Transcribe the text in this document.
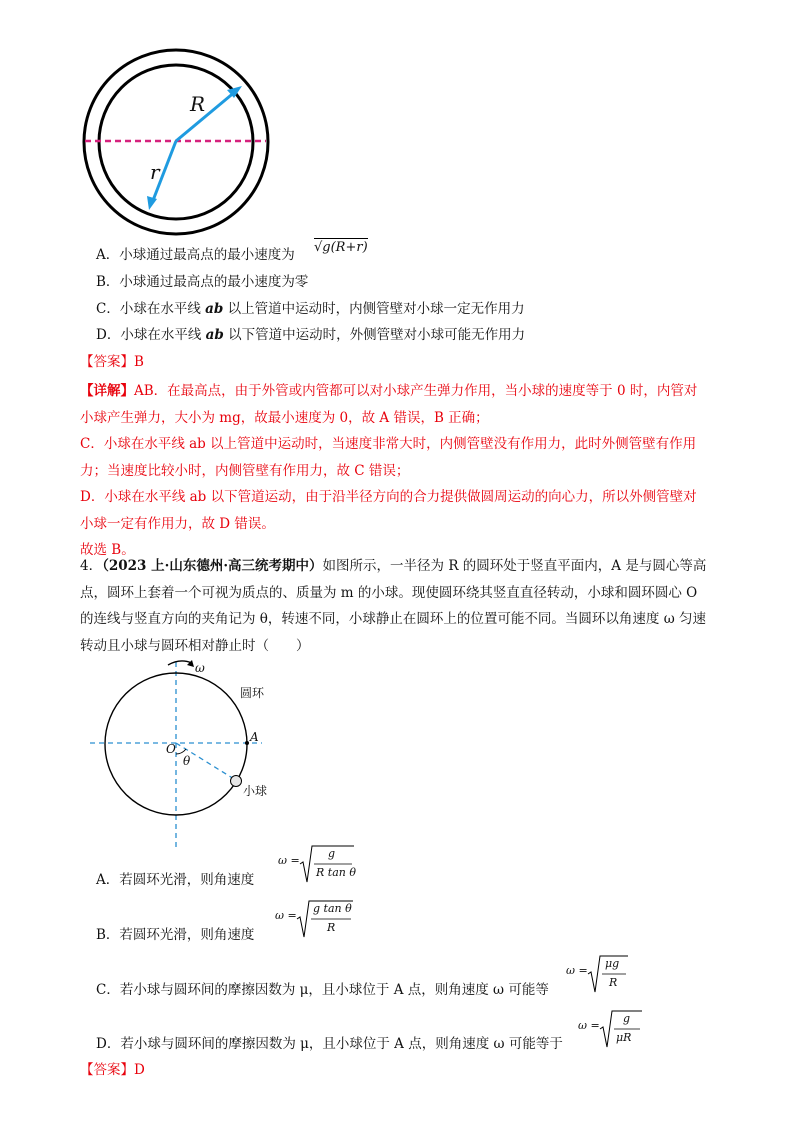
R
r
A．小球通过最高点的最小速度为 √g(R+r)
B．小球通过最高点的最小速度为零
C．小球在水平线 ab 以上管道中运动时，内侧管壁对小球一定无作用力
D．小球在水平线 ab 以下管道中运动时，外侧管壁对小球可能无作用力
【答案】B
【详解】AB．在最高点，由于外管或内管都可以对小球产生弹力作用，当小球的速度等于 0 时，内管对
小球产生弹力，大小为 mg，故最小速度为 0，故 A 错误，B 正确；
C．小球在水平线 ab 以上管道中运动时，当速度非常大时，内侧管壁没有作用力，此时外侧管壁有作用
力；当速度比较小时，内侧管壁有作用力，故 C 错误；
D．小球在水平线 ab 以下管道运动，由于沿半径方向的合力提供做圆周运动的向心力，所以外侧管壁对
小球一定有作用力，故 D 错误。
故选 B。
4．（2023 上·山东德州·高三统考期中）如图所示，一半径为 R 的圆环处于竖直平面内，A 是与圆心等高
点，圆环上套着一个可视为质点的、质量为 m 的小球。现使圆环绕其竖直直径转动，小球和圆环圆心 O
的连线与竖直方向的夹角记为 θ，转速不同，小球静止在圆环上的位置可能不同。当圆环以角速度 ω 匀速
转动且小球与圆环相对静止时（　　）
ω
圆环
A
O
θ
小球
A．若圆环光滑，则角速度
ω =
g
R tan θ
B．若圆环光滑，则角速度
ω =
g tan θ
R
C．若小球与圆环间的摩擦因数为 μ，且小球位于 A 点，则角速度 ω 可能等
ω =
μg
R
D．若小球与圆环间的摩擦因数为 μ，且小球位于 A 点，则角速度 ω 可能等于
ω =
g
μR
【答案】D
